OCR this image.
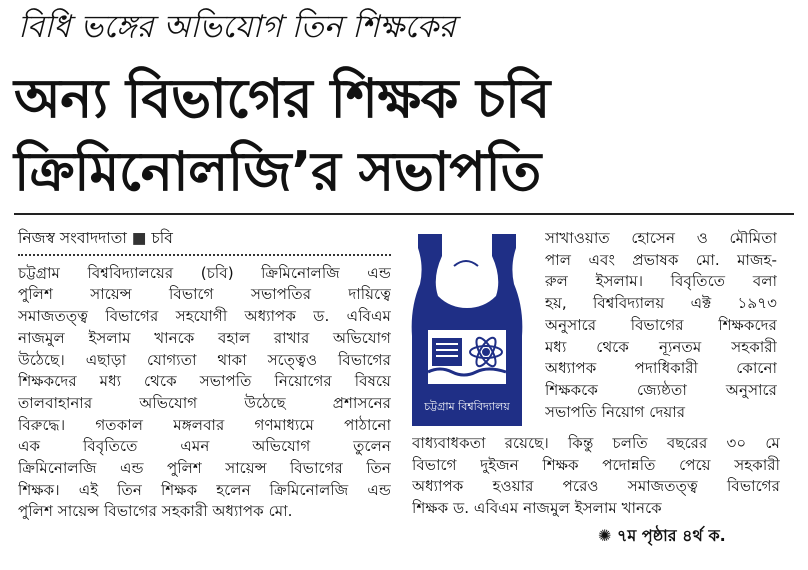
বিধি ভঙ্গের অভিযোগ তিন শিক্ষকের
অন্য বিভাগের শিক্ষক চবি
ক্রিমিনোলজি’র সভাপতি
নিজস্ব সংবাদদাতা ■ চবি
চট্টগ্রাম বিশ্ববিদ্যালয়ের (চবি) ক্রিমিনোলজি এন্ড
পুলিশ সায়েন্স বিভাগে সভাপতির দায়িত্বে
সমাজতত্ত্ব বিভাগের সহযোগী অধ্যাপক ড. এবিএম
নাজমুল ইসলাম খানকে বহাল রাখার অভিযোগ
উঠেছে। এছাড়া যোগ্যতা থাকা সত্ত্বেও বিভাগের
শিক্ষকদের মধ্য থেকে সভাপতি নিয়োগের বিষয়ে
তালবাহানার অভিযোগ উঠেছে প্রশাসনের
বিরুদ্ধে। গতকাল মঙ্গলবার গণমাধ্যমে পাঠানো
এক বিবৃতিতে এমন অভিযোগ তুলেন
ক্রিমিনোলজি এন্ড পুলিশ সায়েন্স বিভাগের তিন
শিক্ষক। এই তিন শিক্ষক হলেন ক্রিমিনোলজি এন্ড
পুলিশ সায়েন্স বিভাগের সহকারী অধ্যাপক মো.
চট্টগ্রাম বিশ্ববিদ্যালয়
সাখাওয়াত হোসেন ও মৌমিতা
পাল এবং প্রভাষক মো. মাজহ-
রুল ইসলাম। বিবৃতিতে বলা
হয়, বিশ্ববিদ্যালয় এক্ট ১৯৭৩
অনুসারে বিভাগের শিক্ষকদের
মধ্য থেকে ন্যূনতম সহকারী
অধ্যাপক পদাধিকারী কোনো
শিক্ষককে জ্যেষ্ঠতা অনুসারে
সভাপতি নিয়োগ দেয়ার
বাধ্যবাধকতা রয়েছে। কিন্তু চলতি বছরের ৩০ মে
বিভাগে দুইজন শিক্ষক পদোন্নতি পেয়ে সহকারী
অধ্যাপক হওয়ার পরেও সমাজতত্ত্ব বিভাগের
শিক্ষক ড. এবিএম নাজমুল ইসলাম খানকে
✺ ৭ম পৃষ্ঠার ৪র্থ ক.
